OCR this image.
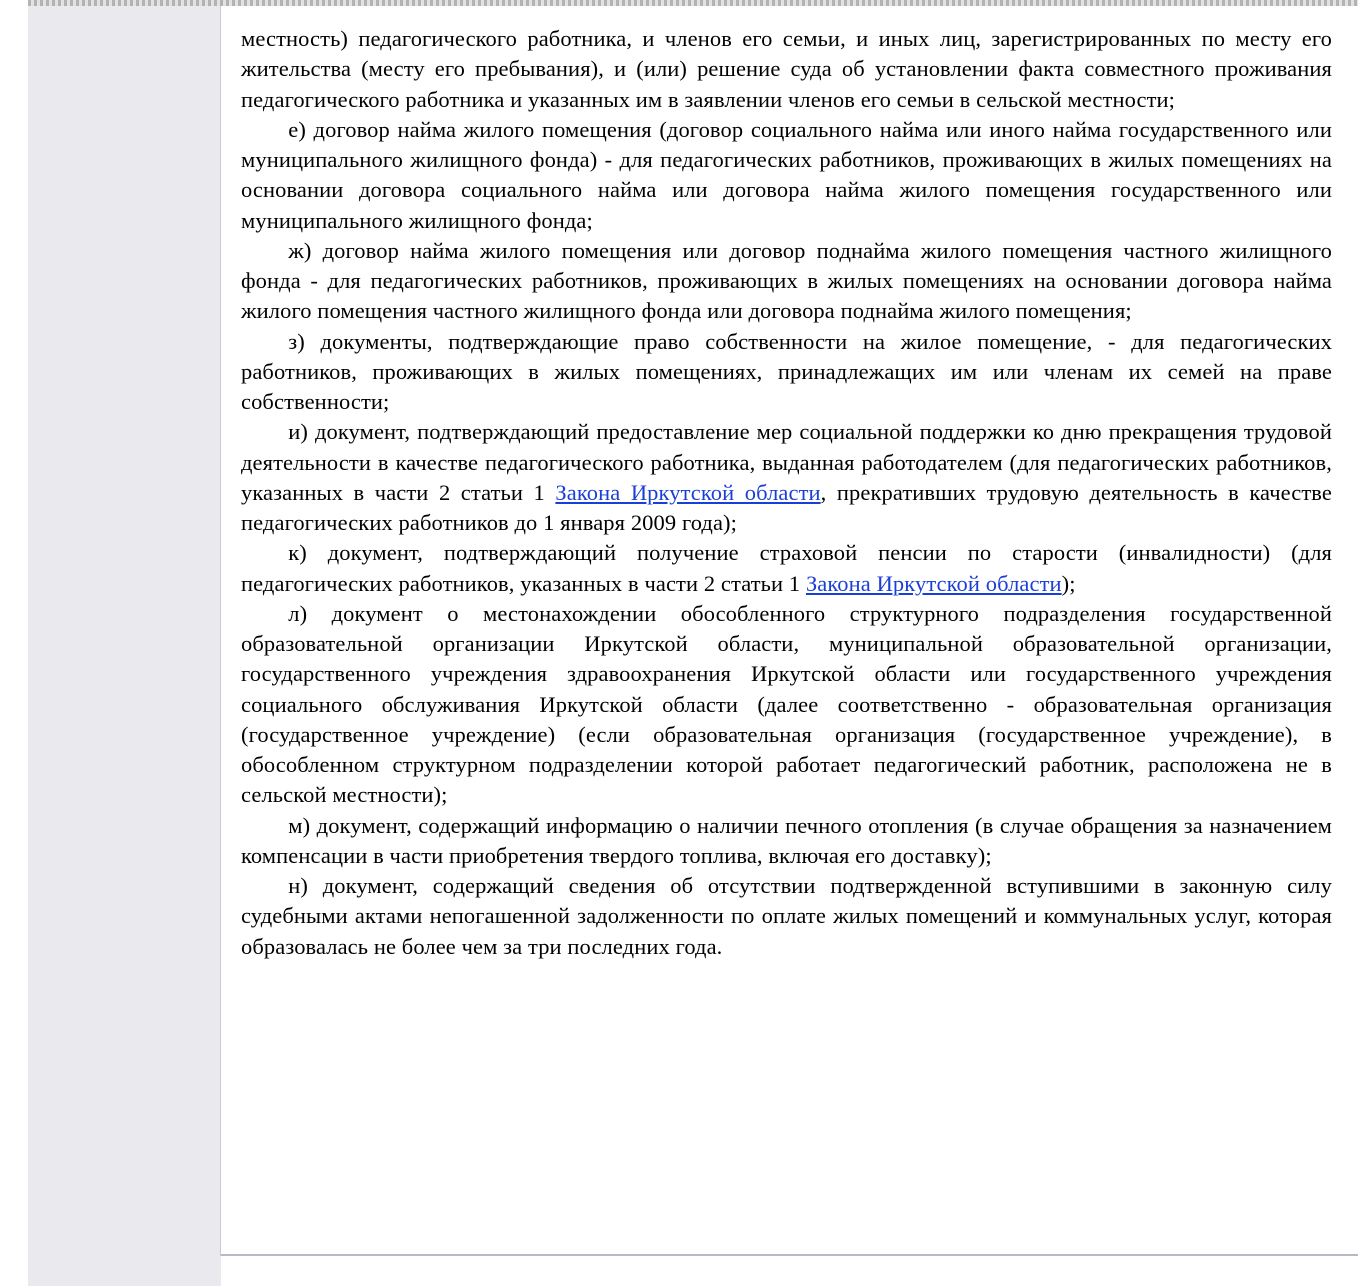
местность) педагогического работника, и членов его семьи, и иных лиц, зарегистрированных по месту его жительства (месту его пребывания), и (или) решение суда об установлении факта совместного проживания педагогического работника и указанных им в заявлении членов его семьи в сельской местности;

е) договор найма жилого помещения (договор социального найма или иного найма государственного или муниципального жилищного фонда) - для педагогических работников, проживающих в жилых помещениях на основании договора социального найма или договора найма жилого помещения государственного или муниципального жилищного фонда;

ж) договор найма жилого помещения или договор поднайма жилого помещения частного жилищного фонда - для педагогических работников, проживающих в жилых помещениях на основании договора найма жилого помещения частного жилищного фонда или договора поднайма жилого помещения;

з) документы, подтверждающие право собственности на жилое помещение, - для педагогических работников, проживающих в жилых помещениях, принадлежащих им или членам их семей на праве собственности;

и) документ, подтверждающий предоставление мер социальной поддержки ко дню прекращения трудовой деятельности в качестве педагогического работника, выданная работодателем (для педагогических работников, указанных в части 2 статьи 1 Закона Иркутской области, прекративших трудовую деятельность в качестве педагогических работников до 1 января 2009 года);

к) документ, подтверждающий получение страховой пенсии по старости (инвалидности) (для педагогических работников, указанных в части 2 статьи 1 Закона Иркутской области);

л) документ о местонахождении обособленного структурного подразделения государственной образовательной организации Иркутской области, муниципальной образовательной организации, государственного учреждения здравоохранения Иркутской области или государственного учреждения социального обслуживания Иркутской области (далее соответственно - образовательная организация (государственное учреждение) (если образовательная организация (государственное учреждение), в обособленном структурном подразделении которой работает педагогический работник, расположена не в сельской местности);

м) документ, содержащий информацию о наличии печного отопления (в случае обращения за назначением компенсации в части приобретения твердого топлива, включая его доставку);

н) документ, содержащий сведения об отсутствии подтвержденной вступившими в законную силу судебными актами непогашенной задолженности по оплате жилых помещений и коммунальных услуг, которая образовалась не более чем за три последних года.
